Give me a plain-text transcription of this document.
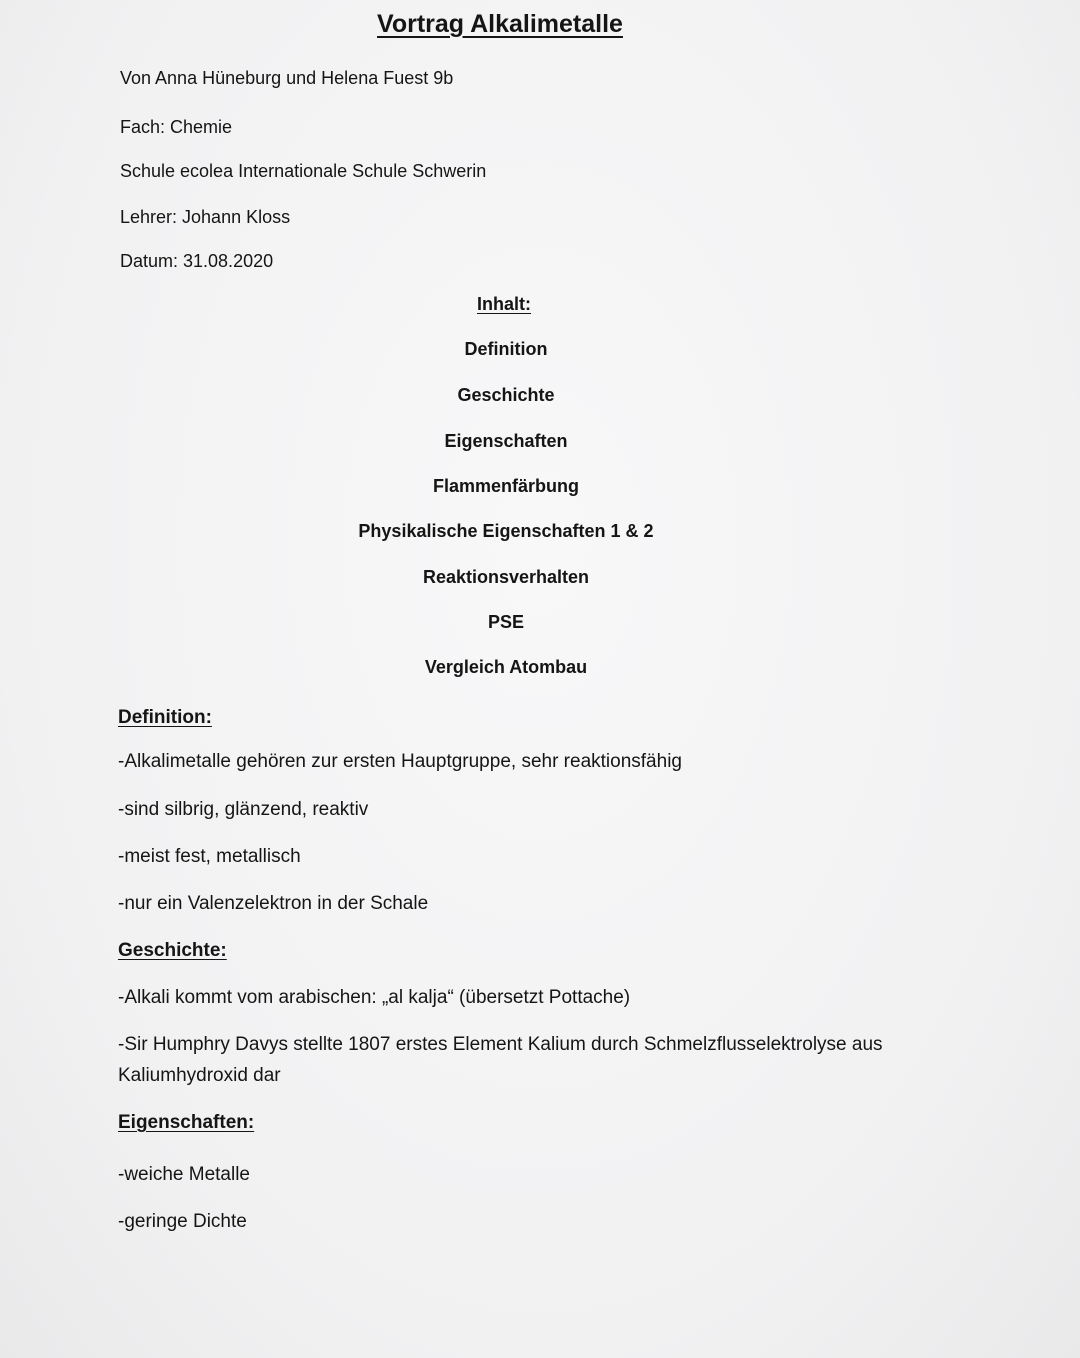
Vortrag Alkalimetalle
Von Anna Hüneburg und Helena Fuest 9b
Fach: Chemie
Schule ecolea Internationale Schule Schwerin
Lehrer: Johann Kloss
Datum: 31.08.2020
Inhalt:
Definition
Geschichte
Eigenschaften
Flammenfärbung
Physikalische Eigenschaften 1 & 2
Reaktionsverhalten
PSE
Vergleich Atombau
Definition:
-Alkalimetalle gehören zur ersten Hauptgruppe, sehr reaktionsfähig
-sind silbrig, glänzend, reaktiv
-meist fest, metallisch
-nur ein Valenzelektron in der Schale
Geschichte:
-Alkali kommt vom arabischen: „al kalja“ (übersetzt Pottache)
-Sir Humphry Davys stellte 1807 erstes Element Kalium durch Schmelzflusselektrolyse aus Kaliumhydroxid dar
Eigenschaften:
-weiche Metalle
-geringe Dichte
